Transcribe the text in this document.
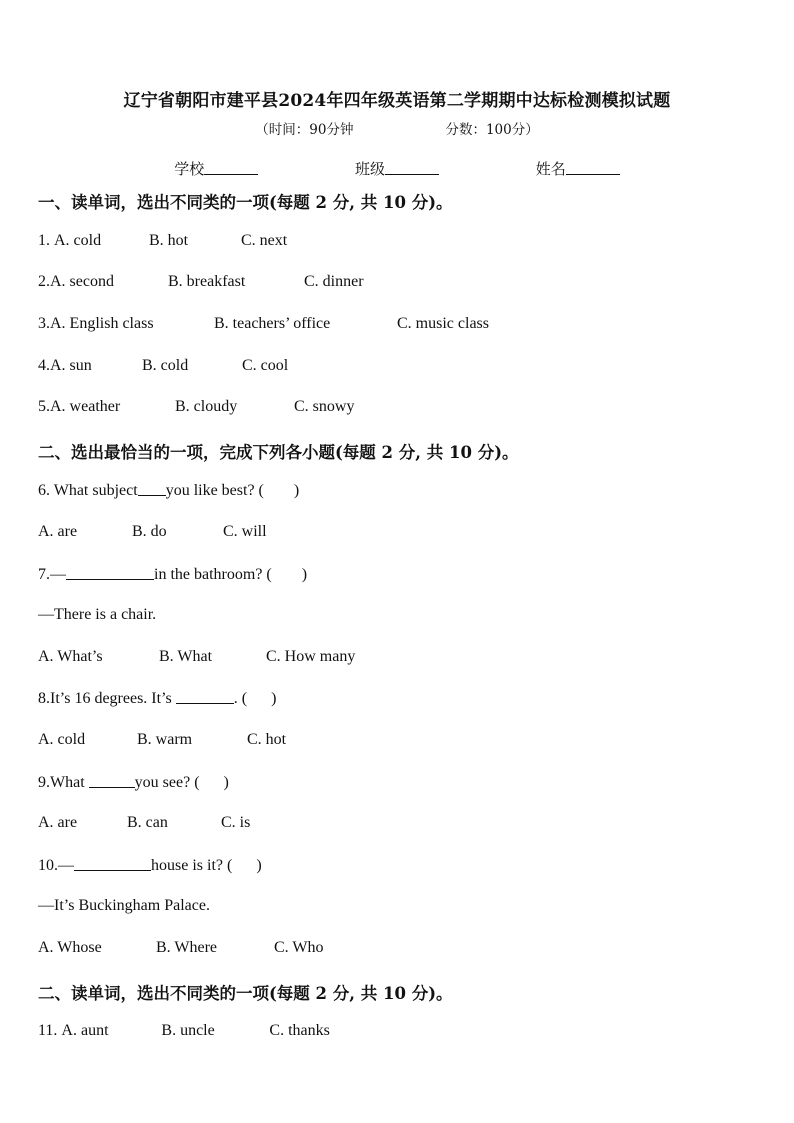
辽宁省朝阳市建平县2024年四年级英语第二学期期中达标检测模拟试题
（时间：90分钟	分数：100分）
学校	班级	姓名
一、读单词，选出不同类的一项(每题 2 分, 共 10 分)。
1. A. cold	B. hot	C. next
2.A. second	B. breakfast	C. dinner
3.A. English class	B. teachers’ office	C. music class
4.A. sun	B. cold	C. cool
5.A. weather	B. cloudy	C. snowy
二、选出最恰当的一项，完成下列各小题(每题 2 分, 共 10 分)。
6. What subject you like best? ( )
A. are	B. do	C. will
7.—	in the bathroom? ( )
—There is a chair.
A. What’s	B. What	C. How many
8.It’s 16 degrees. It’s	. ( )
A. cold	B. warm	C. hot
9.What	you see? ( )
A. are	B. can	C. is
10.—	house is it? ( )
—It’s Buckingham Palace.
A. Whose	B. Where	C. Who
二、读单词，选出不同类的一项(每题 2 分, 共 10 分)。
11. A. aunt	B. uncle	C. thanks
